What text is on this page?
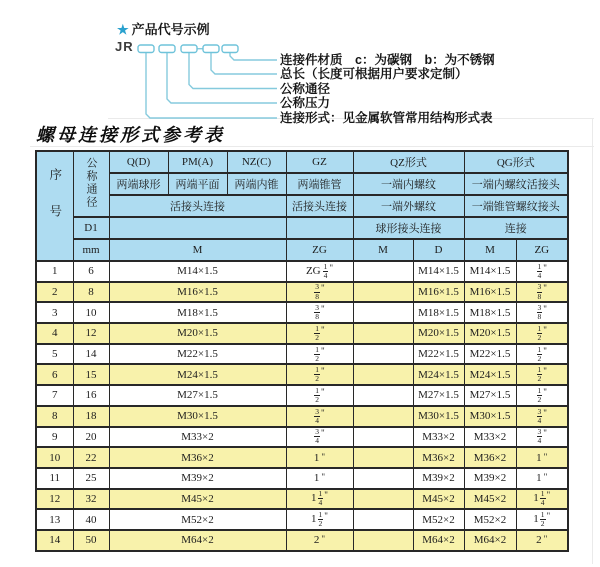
★ 产品代号示例
JR
连接件材质　c：为碳钢　b：为不锈钢
总长（长度可根据用户要求定制）
公称通径
公称压力
连接形式：见金属软管常用结构形式表
螺母连接形式参考表
序号	公称通径	Q(D)	PM(A)	NZ(C)	GZ	QZ形式		QG形式	
		两端球形	两端平面	两端内锥	两端锥管	一端内螺纹		一端内螺纹活接头	
		活接头连接			活接头连接	一端外螺纹		一端锥管螺纹接头	
	D1					球形接头连接		连接	
	mm	M			ZG	M	D	M	ZG
1	6	M14×1.5			ZG $\frac{1}{4} ^"$		M14×1.5	M14×1.5	$\frac{1}{4} ^"$
2	8	M16×1.5			$\frac{3}{8} ^"$		M16×1.5	M16×1.5	$\frac{3}{8} ^"$
3	10	M18×1.5			$\frac{3}{8} ^"$		M18×1.5	M18×1.5	$\frac{3}{8} ^"$
4	12	M20×1.5			$\frac{1}{2} ^"$		M20×1.5	M20×1.5	$\frac{1}{2} ^"$
5	14	M22×1.5			$\frac{1}{2} ^"$		M22×1.5	M22×1.5	$\frac{1}{2} ^"$
6	15	M24×1.5			$\frac{1}{2} ^"$		M24×1.5	M24×1.5	$\frac{1}{2} ^"$
7	16	M27×1.5			$\frac{1}{2} ^"$		M27×1.5	M27×1.5	$\frac{1}{2} ^"$
8	18	M30×1.5			$\frac{3}{4} ^"$		M30×1.5	M30×1.5	$\frac{3}{4} ^"$
9	20	M33×2			$\frac{3}{4} ^"$		M33×2	M33×2	$\frac{3}{4} ^"$
10	22	M36×2			1 "		M36×2	M36×2	1 "
11	25	M39×2			1 "		M39×2	M39×2	1 "
12	32	M45×2			$1 \frac{1}{4} ^"$		M45×2	M45×2	$1 \frac{1}{4} ^"$
13	40	M52×2			$1 \frac{1}{2} ^"$		M52×2	M52×2	$1 \frac{1}{2} ^"$
14	50	M64×2			2 "		M64×2	M64×2	2 "
